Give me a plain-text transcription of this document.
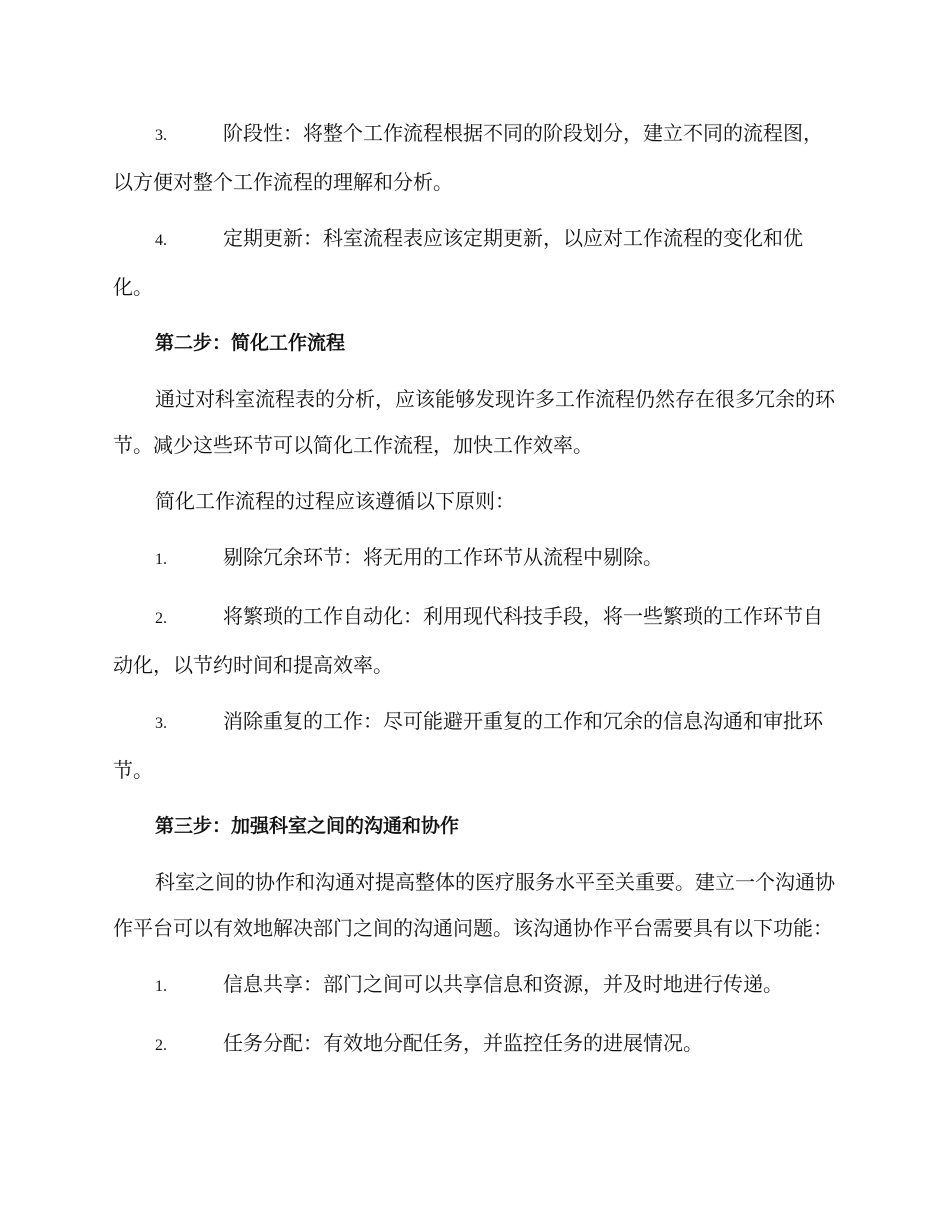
3.	阶段性：将整个工作流程根据不同的阶段划分，建立不同的流程图，以方便对整个工作流程的理解和分析。

4.	定期更新：科室流程表应该定期更新，以应对工作流程的变化和优化。

第二步：简化工作流程

通过对科室流程表的分析，应该能够发现许多工作流程仍然存在很多冗余的环节。减少这些环节可以简化工作流程，加快工作效率。

简化工作流程的过程应该遵循以下原则：

1.	剔除冗余环节：将无用的工作环节从流程中剔除。

2.	将繁琐的工作自动化：利用现代科技手段，将一些繁琐的工作环节自动化，以节约时间和提高效率。

3.	消除重复的工作：尽可能避开重复的工作和冗余的信息沟通和审批环节。

第三步：加强科室之间的沟通和协作

科室之间的协作和沟通对提高整体的医疗服务水平至关重要。建立一个沟通协作平台可以有效地解决部门之间的沟通问题。该沟通协作平台需要具有以下功能：

1.	信息共享：部门之间可以共享信息和资源，并及时地进行传递。

2.	任务分配：有效地分配任务，并监控任务的进展情况。
